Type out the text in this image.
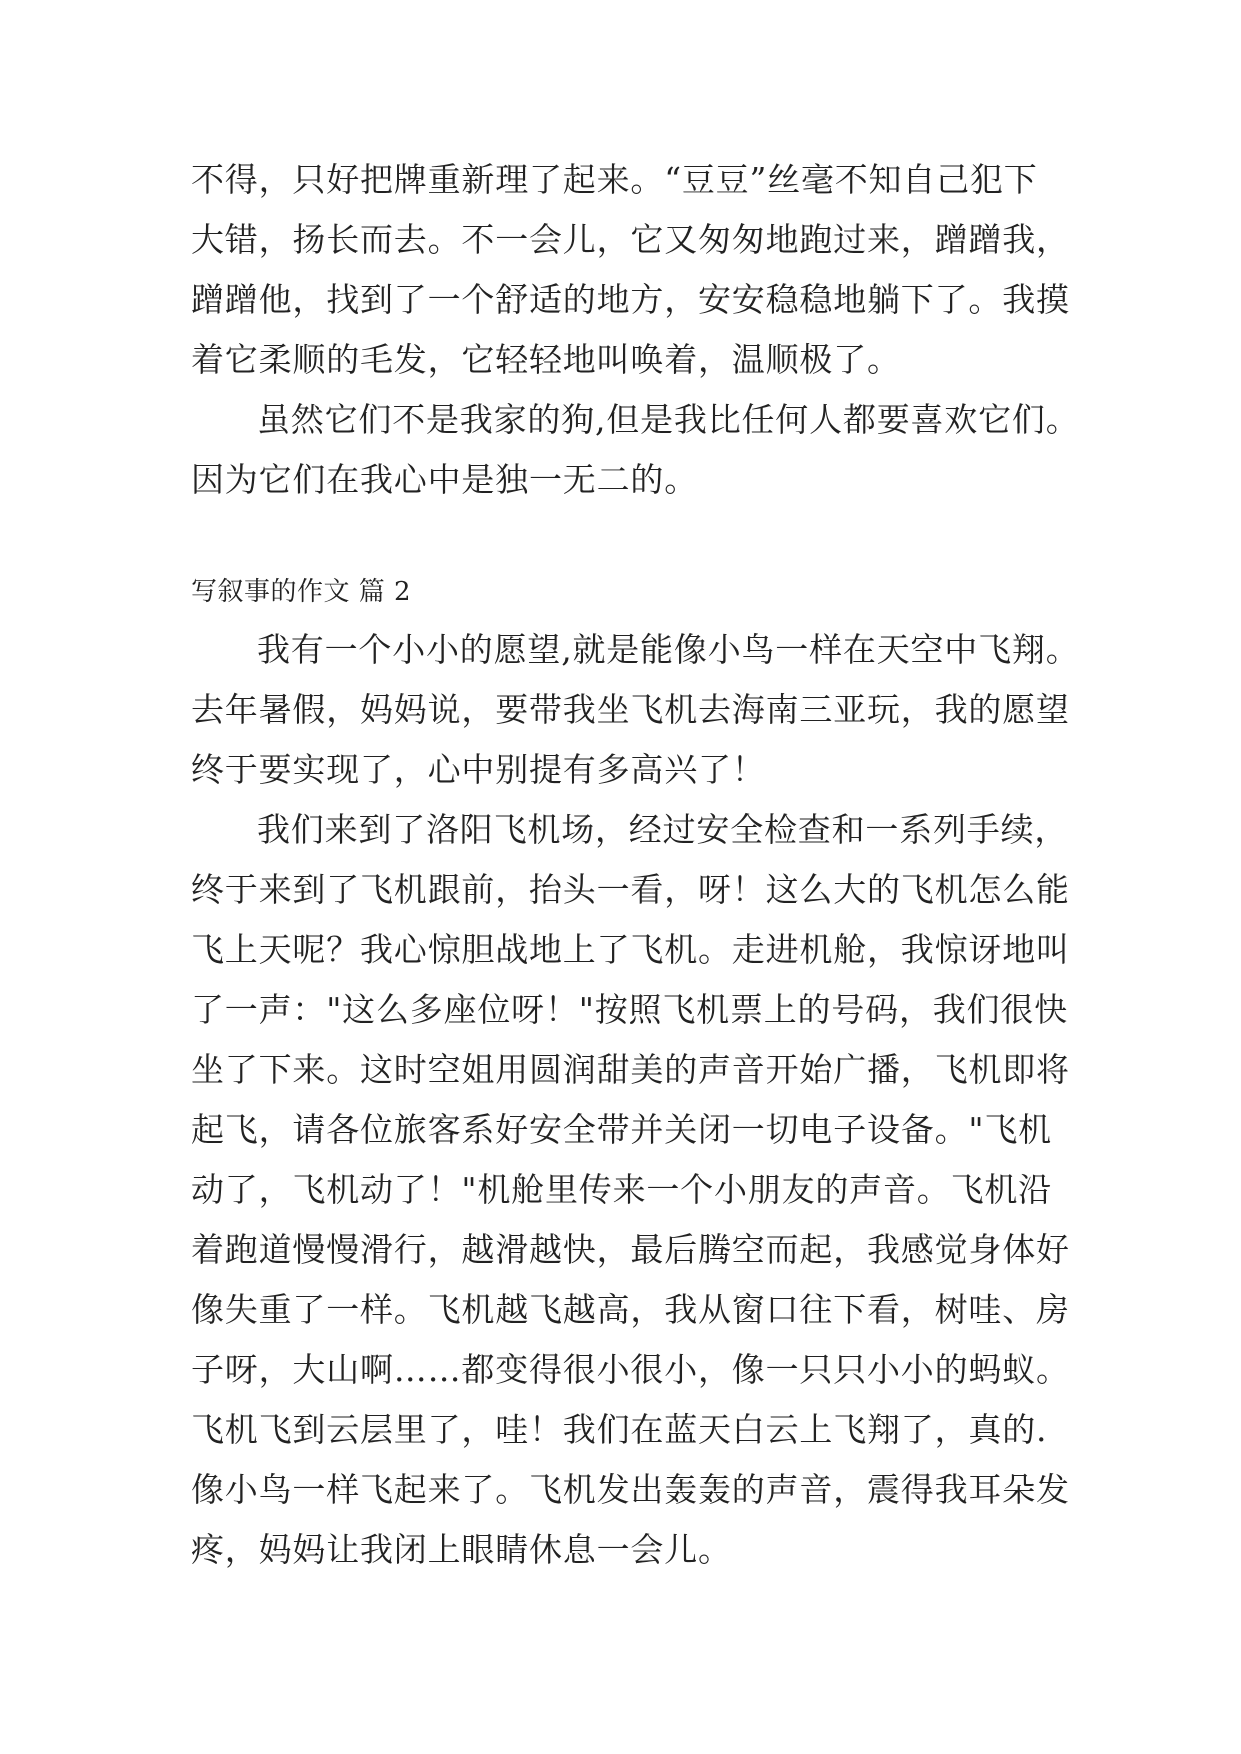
不得，只好把牌重新理了起来。“豆豆”丝毫不知自己犯下
大错，扬长而去。不一会儿，它又匆匆地跑过来，蹭蹭我，
蹭蹭他，找到了一个舒适的地方，安安稳稳地躺下了。我摸
着它柔顺的毛发，它轻轻地叫唤着，温顺极了。
虽然它们不是我家的狗,但是我比任何人都要喜欢它们。
因为它们在我心中是独一无二的。
写叙事的作文 篇 2
我有一个小小的愿望,就是能像小鸟一样在天空中飞翔。
去年暑假，妈妈说，要带我坐飞机去海南三亚玩，我的愿望
终于要实现了，心中别提有多高兴了！
我们来到了洛阳飞机场，经过安全检查和一系列手续，
终于来到了飞机跟前，抬头一看，呀！这么大的飞机怎么能
飞上天呢？我心惊胆战地上了飞机。走进机舱，我惊讶地叫
了一声："这么多座位呀！"按照飞机票上的号码，我们很快
坐了下来。这时空姐用圆润甜美的声音开始广播，飞机即将
起飞，请各位旅客系好安全带并关闭一切电子设备。"飞机
动了，飞机动了！"机舱里传来一个小朋友的声音。飞机沿
着跑道慢慢滑行，越滑越快，最后腾空而起，我感觉身体好
像失重了一样。飞机越飞越高，我从窗口往下看，树哇、房
子呀，大山啊……都变得很小很小，像一只只小小的蚂蚁。
飞机飞到云层里了，哇！我们在蓝天白云上飞翔了，真的.
像小鸟一样飞起来了。飞机发出轰轰的声音，震得我耳朵发
疼，妈妈让我闭上眼睛休息一会儿。
